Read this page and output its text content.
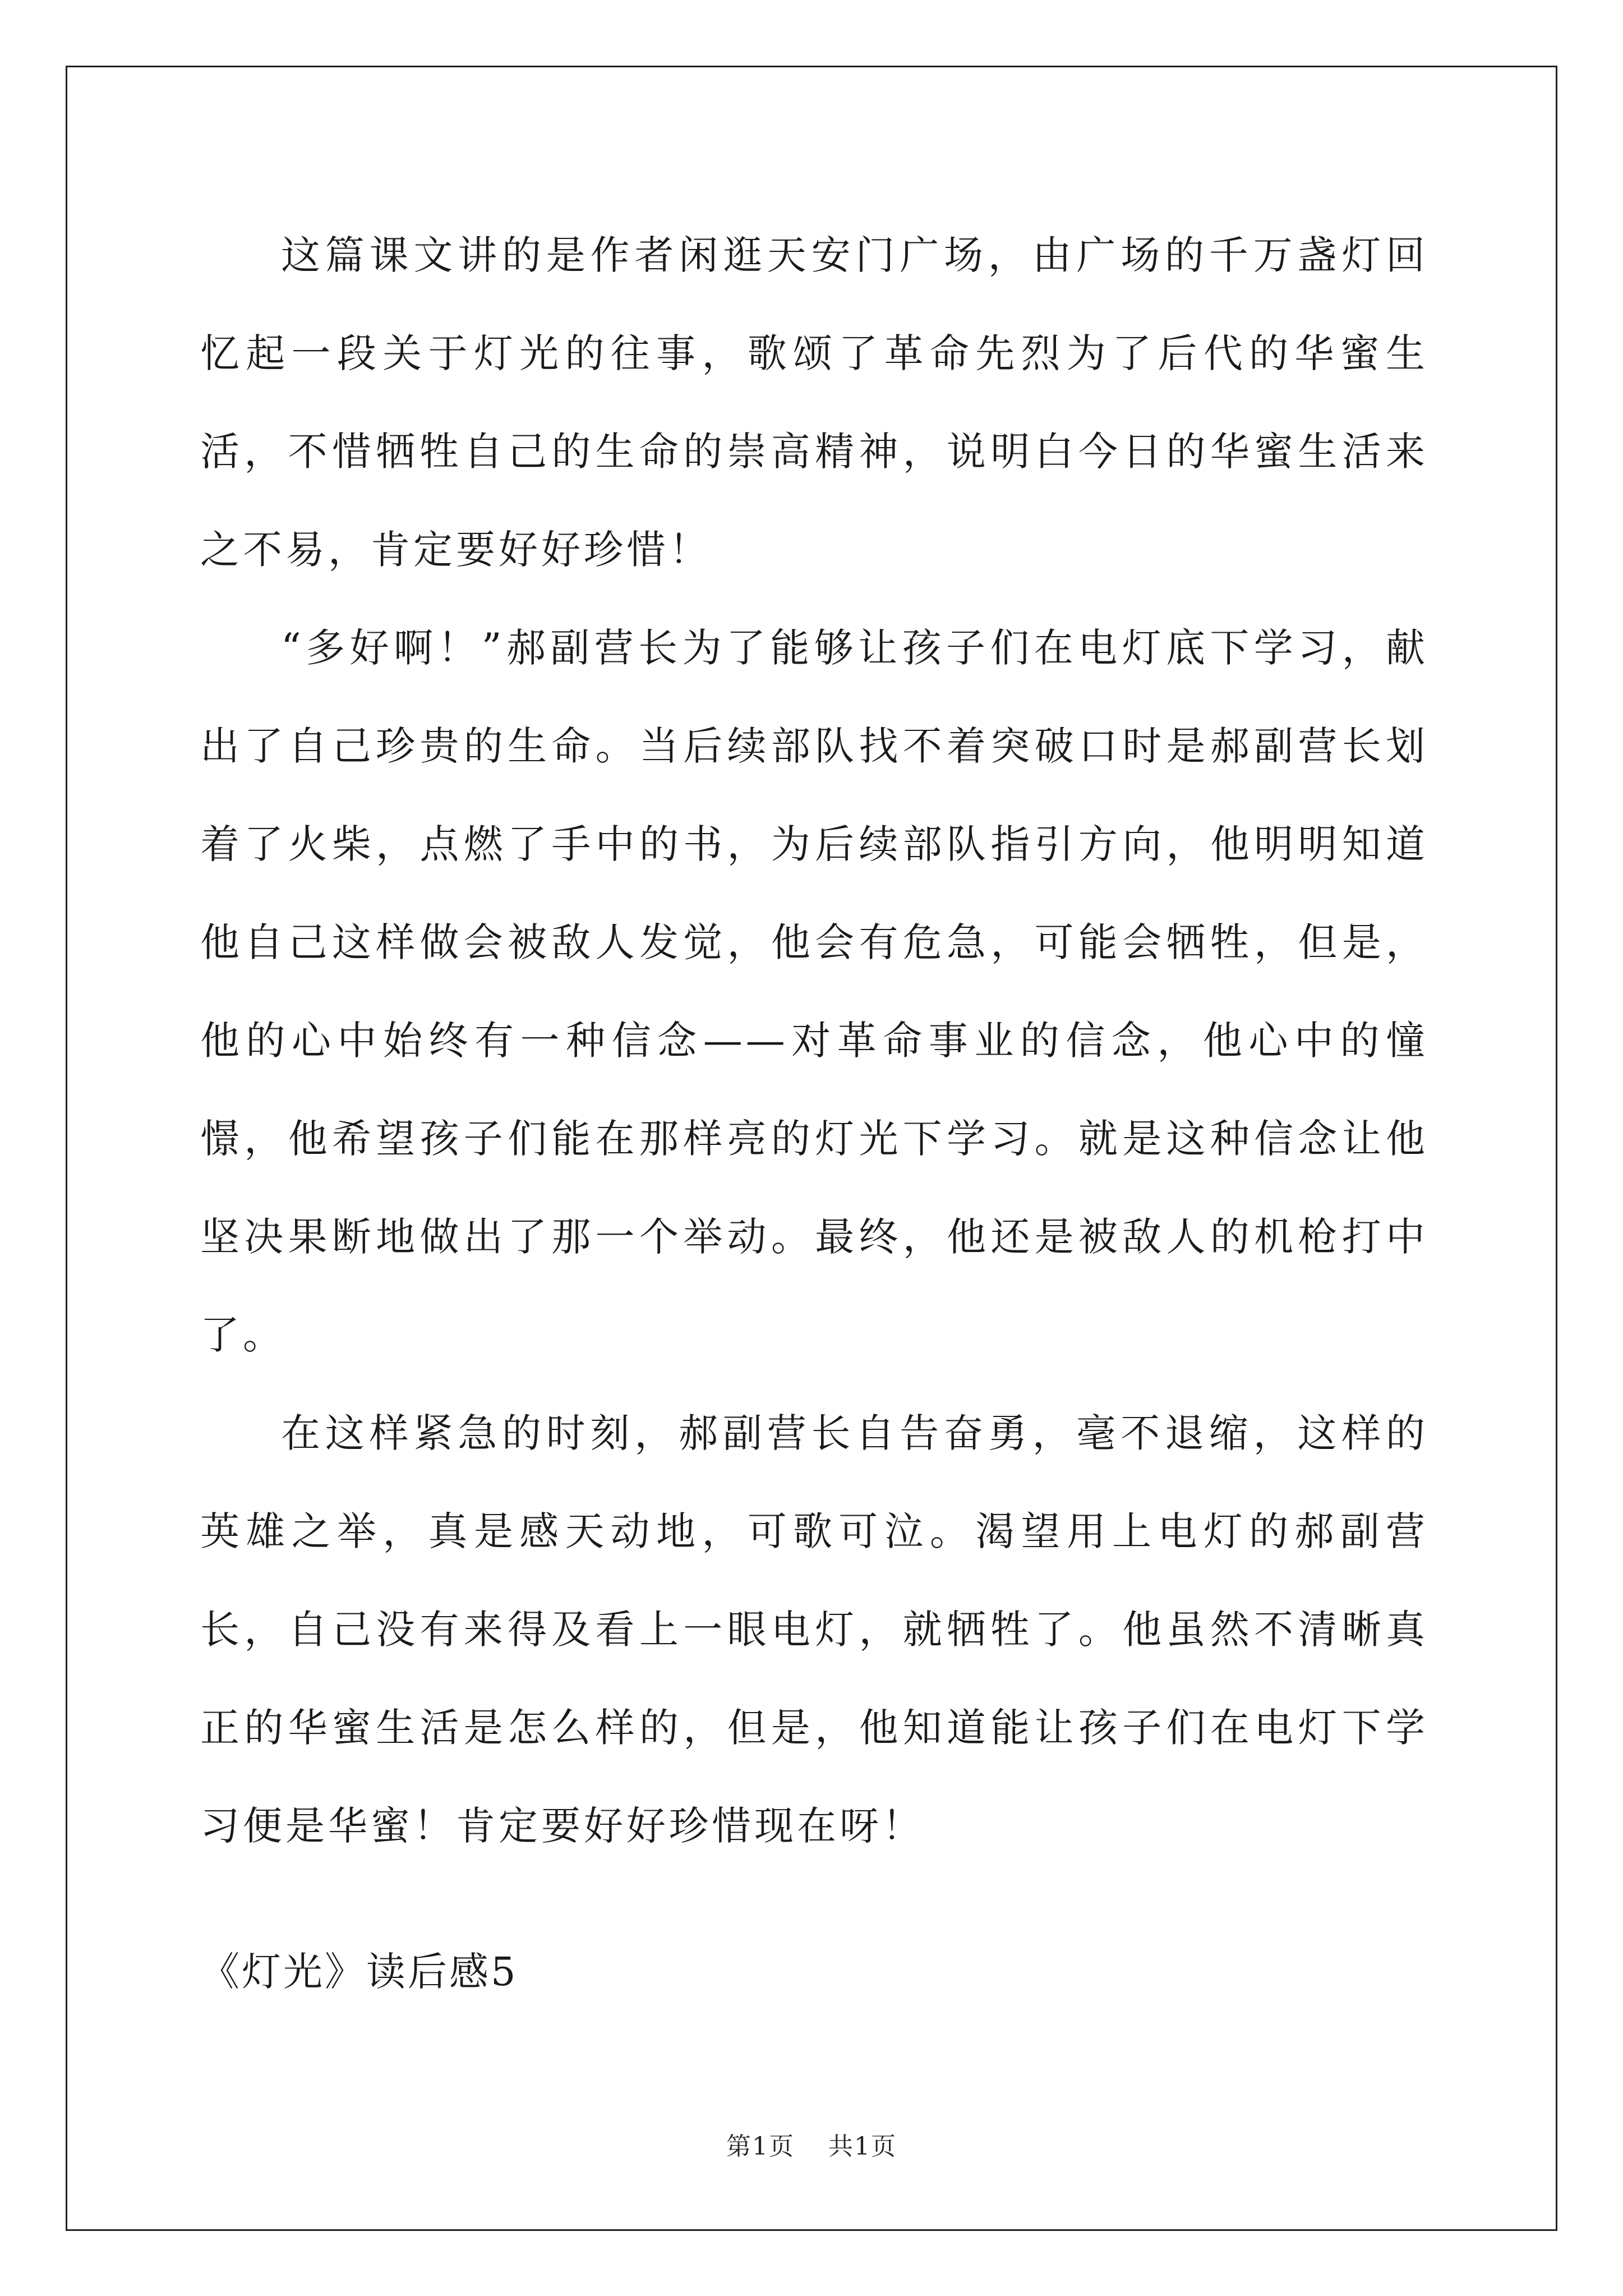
这篇课文讲的是作者闲逛天安门广场，由广场的千万盏灯回忆起一段关于灯光的往事，歌颂了革命先烈为了后代的华蜜生活，不惜牺牲自己的生命的崇高精神，说明白今日的华蜜生活来之不易，肯定要好好珍惜！

“多好啊！”郝副营长为了能够让孩子们在电灯底下学习，献出了自己珍贵的生命。当后续部队找不着突破口时是郝副营长划着了火柴，点燃了手中的书，为后续部队指引方向，他明明知道他自己这样做会被敌人发觉，他会有危急，可能会牺牲，但是，他的心中始终有一种信念——对革命事业的信念，他心中的憧憬，他希望孩子们能在那样亮的灯光下学习。就是这种信念让他坚决果断地做出了那一个举动。最终，他还是被敌人的机枪打中了。

在这样紧急的时刻，郝副营长自告奋勇，毫不退缩，这样的英雄之举，真是感天动地，可歌可泣。渴望用上电灯的郝副营长，自己没有来得及看上一眼电灯，就牺牲了。他虽然不清晰真正的华蜜生活是怎么样的，但是，他知道能让孩子们在电灯下学习便是华蜜！肯定要好好珍惜现在呀！

《灯光》读后感5

第1页 共1页
